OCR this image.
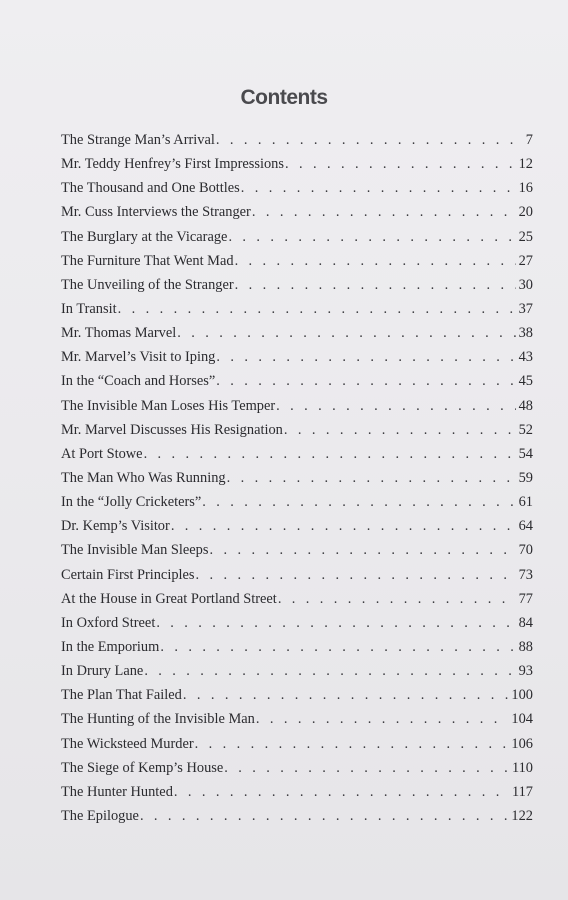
Contents
The Strange Man’s Arrival . . .	7
Mr. Teddy Henfrey’s First Impressions . . .	12
The Thousand and One Bottles . . .	16
Mr. Cuss Interviews the Stranger . . .	20
The Burglary at the Vicarage . . .	25
The Furniture That Went Mad . . .	27
The Unveiling of the Stranger . . .	30
In Transit . . .	37
Mr. Thomas Marvel . . .	38
Mr. Marvel’s Visit to Iping . . .	43
In the “Coach and Horses” . . .	45
The Invisible Man Loses His Temper . . .	48
Mr. Marvel Discusses His Resignation . . .	52
At Port Stowe . . .	54
The Man Who Was Running . . .	59
In the “Jolly Cricketers” . . .	61
Dr. Kemp’s Visitor . . .	64
The Invisible Man Sleeps . . .	70
Certain First Principles . . .	73
At the House in Great Portland Street . . .	77
In Oxford Street . . .	84
In the Emporium . . .	88
In Drury Lane . . .	93
The Plan That Failed . . .	100
The Hunting of the Invisible Man . . .	104
The Wicksteed Murder . . .	106
The Siege of Kemp’s House . . .	110
The Hunter Hunted . . .	117
The Epilogue . . .	122
